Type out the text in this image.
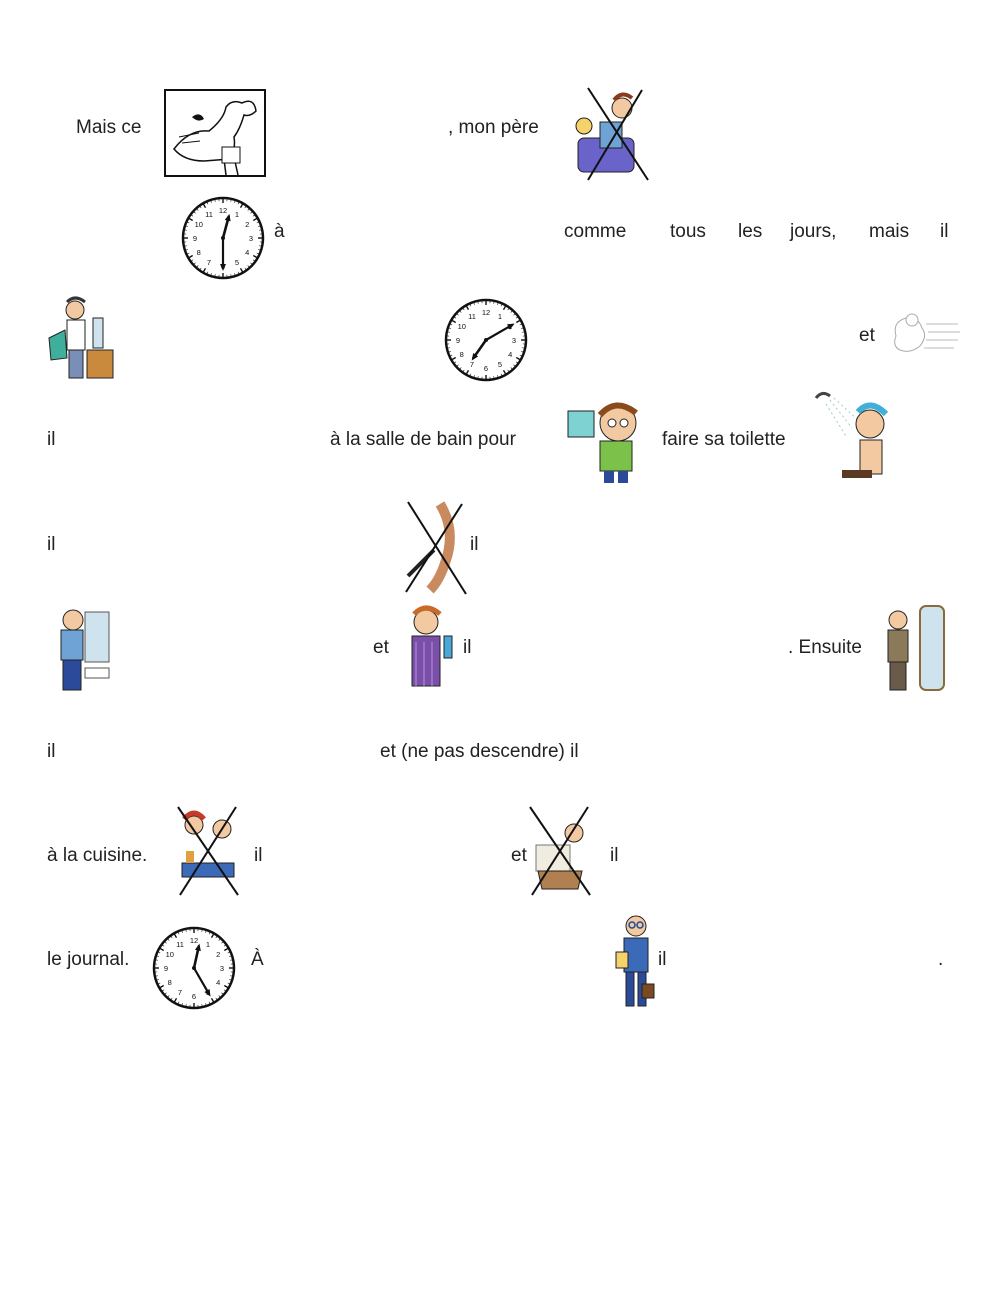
Mais ce	, mon père
1
2
3
4
5
7
8
9
10
11 12
à	comme tous les jours, mais il
1
3
4
5
6
7
8
9
10
11 12
et
il	à la salle de bain pour	faire sa toilette
il	il
et	il	. Ensuite
il	et (ne pas descendre) il
à la cuisine.	il	et	il
le journal.
1
2
3
4
6
7
8
9
10
11 12
À	il	.
